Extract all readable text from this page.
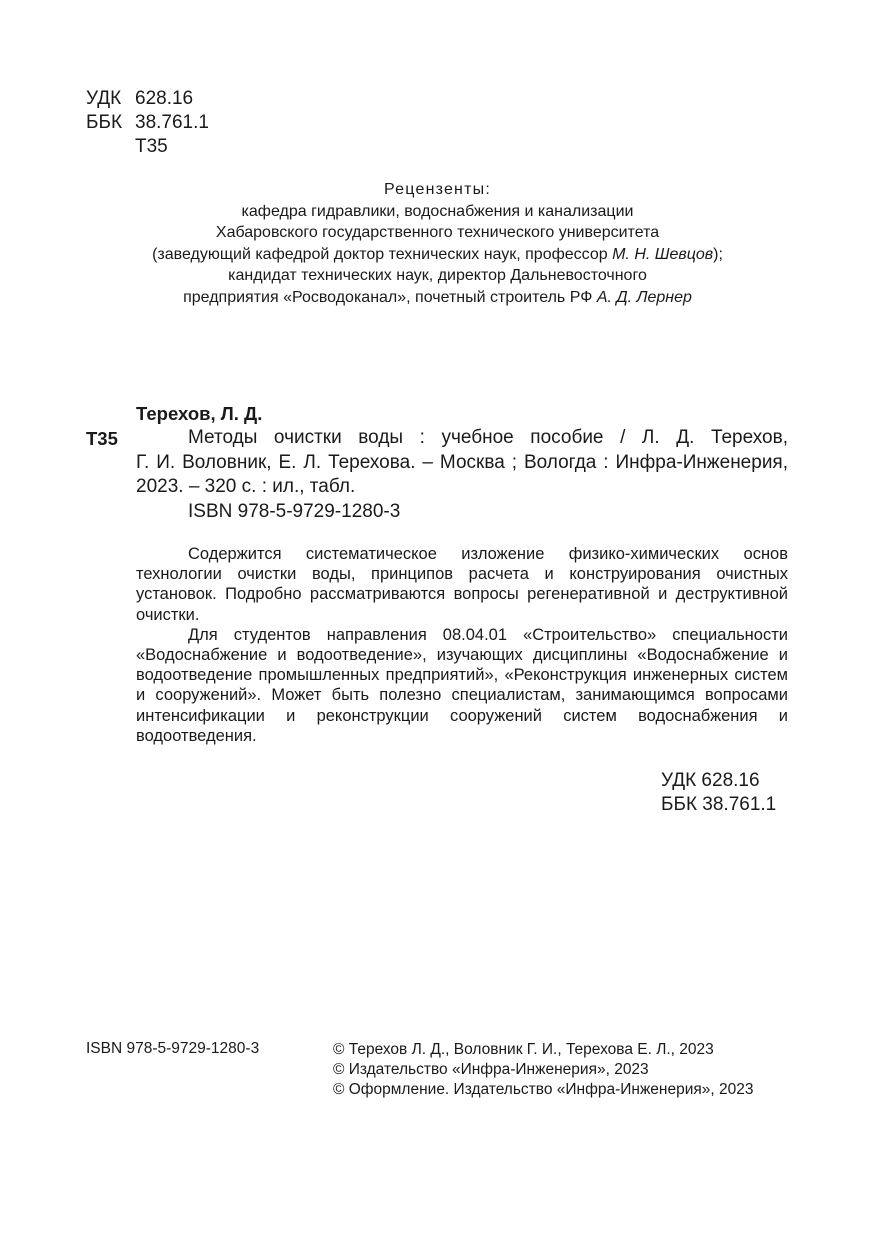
УДК 628.16
ББК 38.761.1
Т35
Рецензенты:
кафедра гидравлики, водоснабжения и канализации
Хабаровского государственного технического университета
(заведующий кафедрой доктор технических наук, профессор М. Н. Шевцов);
кандидат технических наук, директор Дальневосточного
предприятия «Росводоканал», почетный строитель РФ А. Д. Лернер
Терехов, Л. Д.
Т35	Методы очистки воды : учебное пособие / Л. Д. Терехов,

Г. И. Воловник, Е. Л. Терехова. – Москва ; Вологда : Инфра-Инженерия, 2023. – 320 с. : ил., табл.

ISBN 978-5-9729-1280-3

Содержится систематическое изложение физико-химических основ технологии очистки воды, принципов расчета и конструирования очистных установок. Подробно рассматриваются вопросы регенеративной и деструктивной очистки.

Для студентов направления 08.04.01 «Строительство» специальности «Водоснабжение и водоотведение», изучающих дисциплины «Водоснабжение и водоотведение промышленных предприятий», «Реконструкция инженерных систем и сооружений». Может быть полезно специалистам, занимающимся вопросами интенсификации и реконструкции сооружений систем водоснабжения и водоотведения.

УДК 628.16
ББК 38.761.1
ISBN 978-5-9729-1280-3	© Терехов Л. Д., Воловник Г. И., Терехова Е. Л., 2023
© Издательство «Инфра-Инженерия», 2023
© Оформление. Издательство «Инфра-Инженерия», 2023
